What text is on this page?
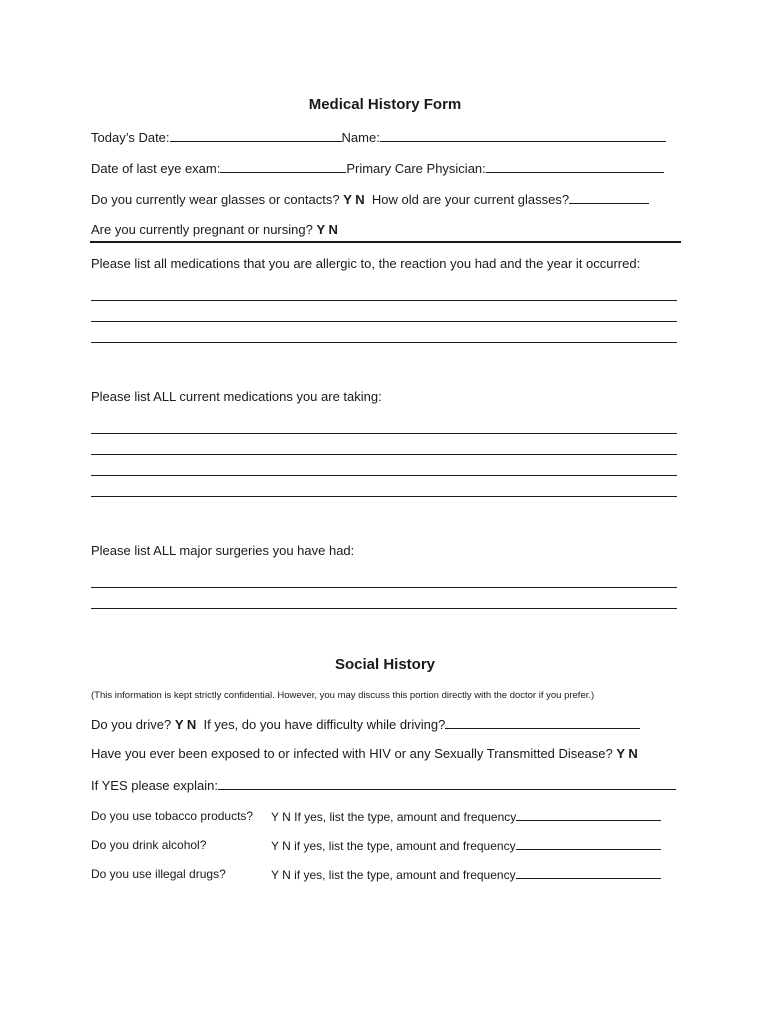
Medical History Form
Today’s Date:	Name:
Date of last eye exam:	Primary Care Physician:
Do you currently wear glasses or contacts? Y N How old are your current glasses?
Are you currently pregnant or nursing? Y N
Please list all medications that you are allergic to, the reaction you had and the year it occurred:
Please list ALL current medications you are taking:
Please list ALL major surgeries you have had:
Social History
(This information is kept strictly confidential. However, you may discuss this portion directly with the doctor if you prefer.)
Do you drive? Y N If yes, do you have difficulty while driving?
Have you ever been exposed to or infected with HIV or any Sexually Transmitted Disease? Y N
If YES please explain:
Do you use tobacco products? Y N If yes, list the type, amount and frequency
Do you drink alcohol?	Y N if yes, list the type, amount and frequency
Do you use illegal drugs?	Y N if yes, list the type, amount and frequency
